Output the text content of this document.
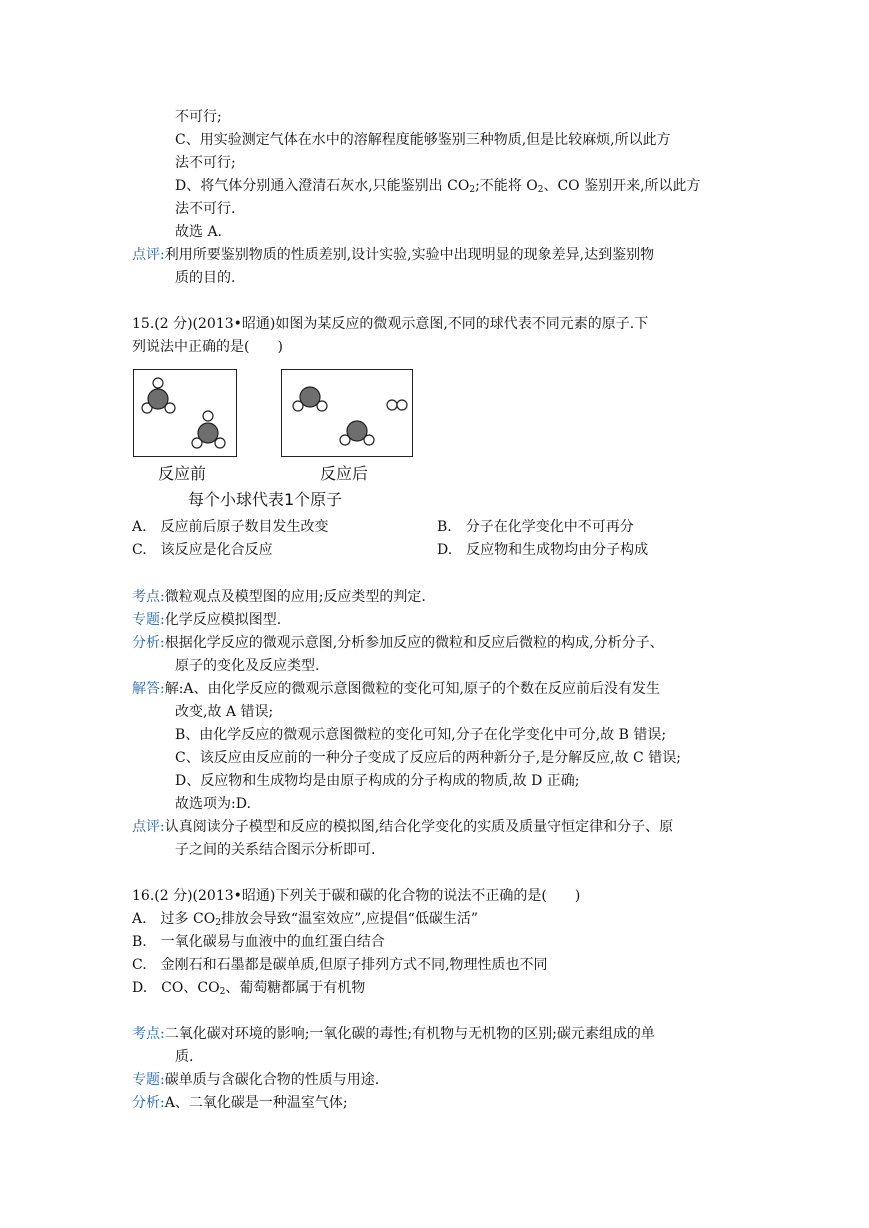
不可行;
C、用实验测定气体在水中的溶解程度能够鉴别三种物质,但是比较麻烦,所以此方
法不可行;
D、将气体分别通入澄清石灰水,只能鉴别出 $CO_2$;不能将 $O_2$、CO 鉴别开来,所以此方
法不可行.
故选 A.
点评:利用所要鉴别物质的性质差别,设计实验,实验中出现明显的现象差异,达到鉴别物
质的目的.
15.(2 分)(2013•昭通)如图为某反应的微观示意图,不同的球代表不同元素的原子.下
列说法中正确的是(　　)
反应前	反应后
每个小球代表1个原子
A.　反应前后原子数目发生改变	B.　分子在化学变化中不可再分
C.　该反应是化合反应	D.　反应物和生成物均由分子构成
考点:微粒观点及模型图的应用;反应类型的判定.
专题:化学反应模拟图型.
分析:根据化学反应的微观示意图,分析参加反应的微粒和反应后微粒的构成,分析分子、
原子的变化及反应类型.
解答:解:A、由化学反应的微观示意图微粒的变化可知,原子的个数在反应前后没有发生
改变,故 A 错误;
B、由化学反应的微观示意图微粒的变化可知,分子在化学变化中可分,故 B 错误;
C、该反应由反应前的一种分子变成了反应后的两种新分子,是分解反应,故 C 错误;
D、反应物和生成物均是由原子构成的分子构成的物质,故 D 正确;
故选项为:D.
点评:认真阅读分子模型和反应的模拟图,结合化学变化的实质及质量守恒定律和分子、原
子之间的关系结合图示分析即可.
16.(2 分)(2013•昭通)下列关于碳和碳的化合物的说法不正确的是(　　)
A.　过多 $CO_2$排放会导致“温室效应”,应提倡“低碳生活”
B.　一氧化碳易与血液中的血红蛋白结合
C.　金刚石和石墨都是碳单质,但原子排列方式不同,物理性质也不同
D.　CO、$CO_2$、葡萄糖都属于有机物
考点:二氧化碳对环境的影响;一氧化碳的毒性;有机物与无机物的区别;碳元素组成的单
质.
专题:碳单质与含碳化合物的性质与用途.
分析:A、二氧化碳是一种温室气体;
